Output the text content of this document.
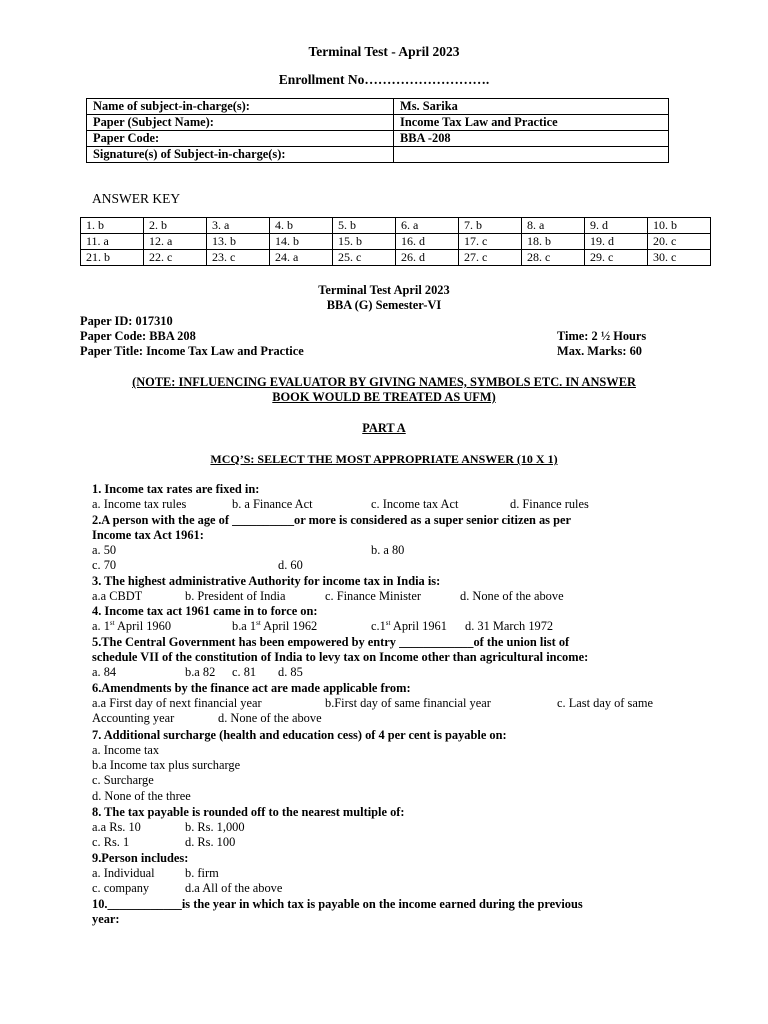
Terminal Test - April 2023
Enrollment No……………………….
Name of subject-in-charge(s):	Ms. Sarika
Paper (Subject Name):	Income Tax Law and Practice
Paper Code:	BBA -208
Signature(s) of Subject-in-charge(s):	
ANSWER KEY
1. b	2. b	3. a	4. b	5. b	6. a	7. b	8. a	9. d	10. b
11. a	12. a	13. b	14. b	15. b	16. d	17. c	18. b	19. d	20. c
21. b	22. c	23. c	24. a	25. c	26. d	27. c	28. c	29. c	30. c
Terminal Test April 2023
BBA (G) Semester-VI
Paper ID: 017310
Paper Code: BBA 208	Time: 2 ½ Hours
Paper Title: Income Tax Law and Practice	Max. Marks: 60
(NOTE: INFLUENCING EVALUATOR BY GIVING NAMES, SYMBOLS ETC. IN ANSWER
BOOK WOULD BE TREATED AS UFM)
PART A
MCQ’S: SELECT THE MOST APPROPRIATE ANSWER (10 X 1)
1. Income tax rates are fixed in:
a. Income tax rules	b. a Finance Act	c. Income tax Act	d. Finance rules
2.A person with the age of __________or more is considered as a super senior citizen as per
Income tax Act 1961:
a. 50	b. a 80
c. 70	d. 60
3. The highest administrative Authority for income tax in India is:
a.a CBDT	b. President of India	c. Finance Minister	d. None of the above
4. Income tax act 1961 came in to force on:
a. 1st April 1960	b.a 1st April 1962	c.1st April 1961 d. 31 March 1972
5.The Central Government has been empowered by entry ____________of the union list of
schedule VII of the constitution of India to levy tax on Income other than agricultural income:
a. 84	b.a 82 c. 81 d. 85
6.Amendments by the finance act are made applicable from:
a.a First day of next financial year	b.First day of same financial year	c. Last day of same
Accounting year	d. None of the above
7. Additional surcharge (health and education cess) of 4 per cent is payable on:
a. Income tax
b.a Income tax plus surcharge
c. Surcharge
d. None of the three
8. The tax payable is rounded off to the nearest multiple of:
a.a Rs. 10	b. Rs. 1,000
c. Rs. 1	d. Rs. 100
9.Person includes:
a. Individual b. firm
c. company	d.a All of the above
10.____________is the year in which tax is payable on the income earned during the previous
year:
